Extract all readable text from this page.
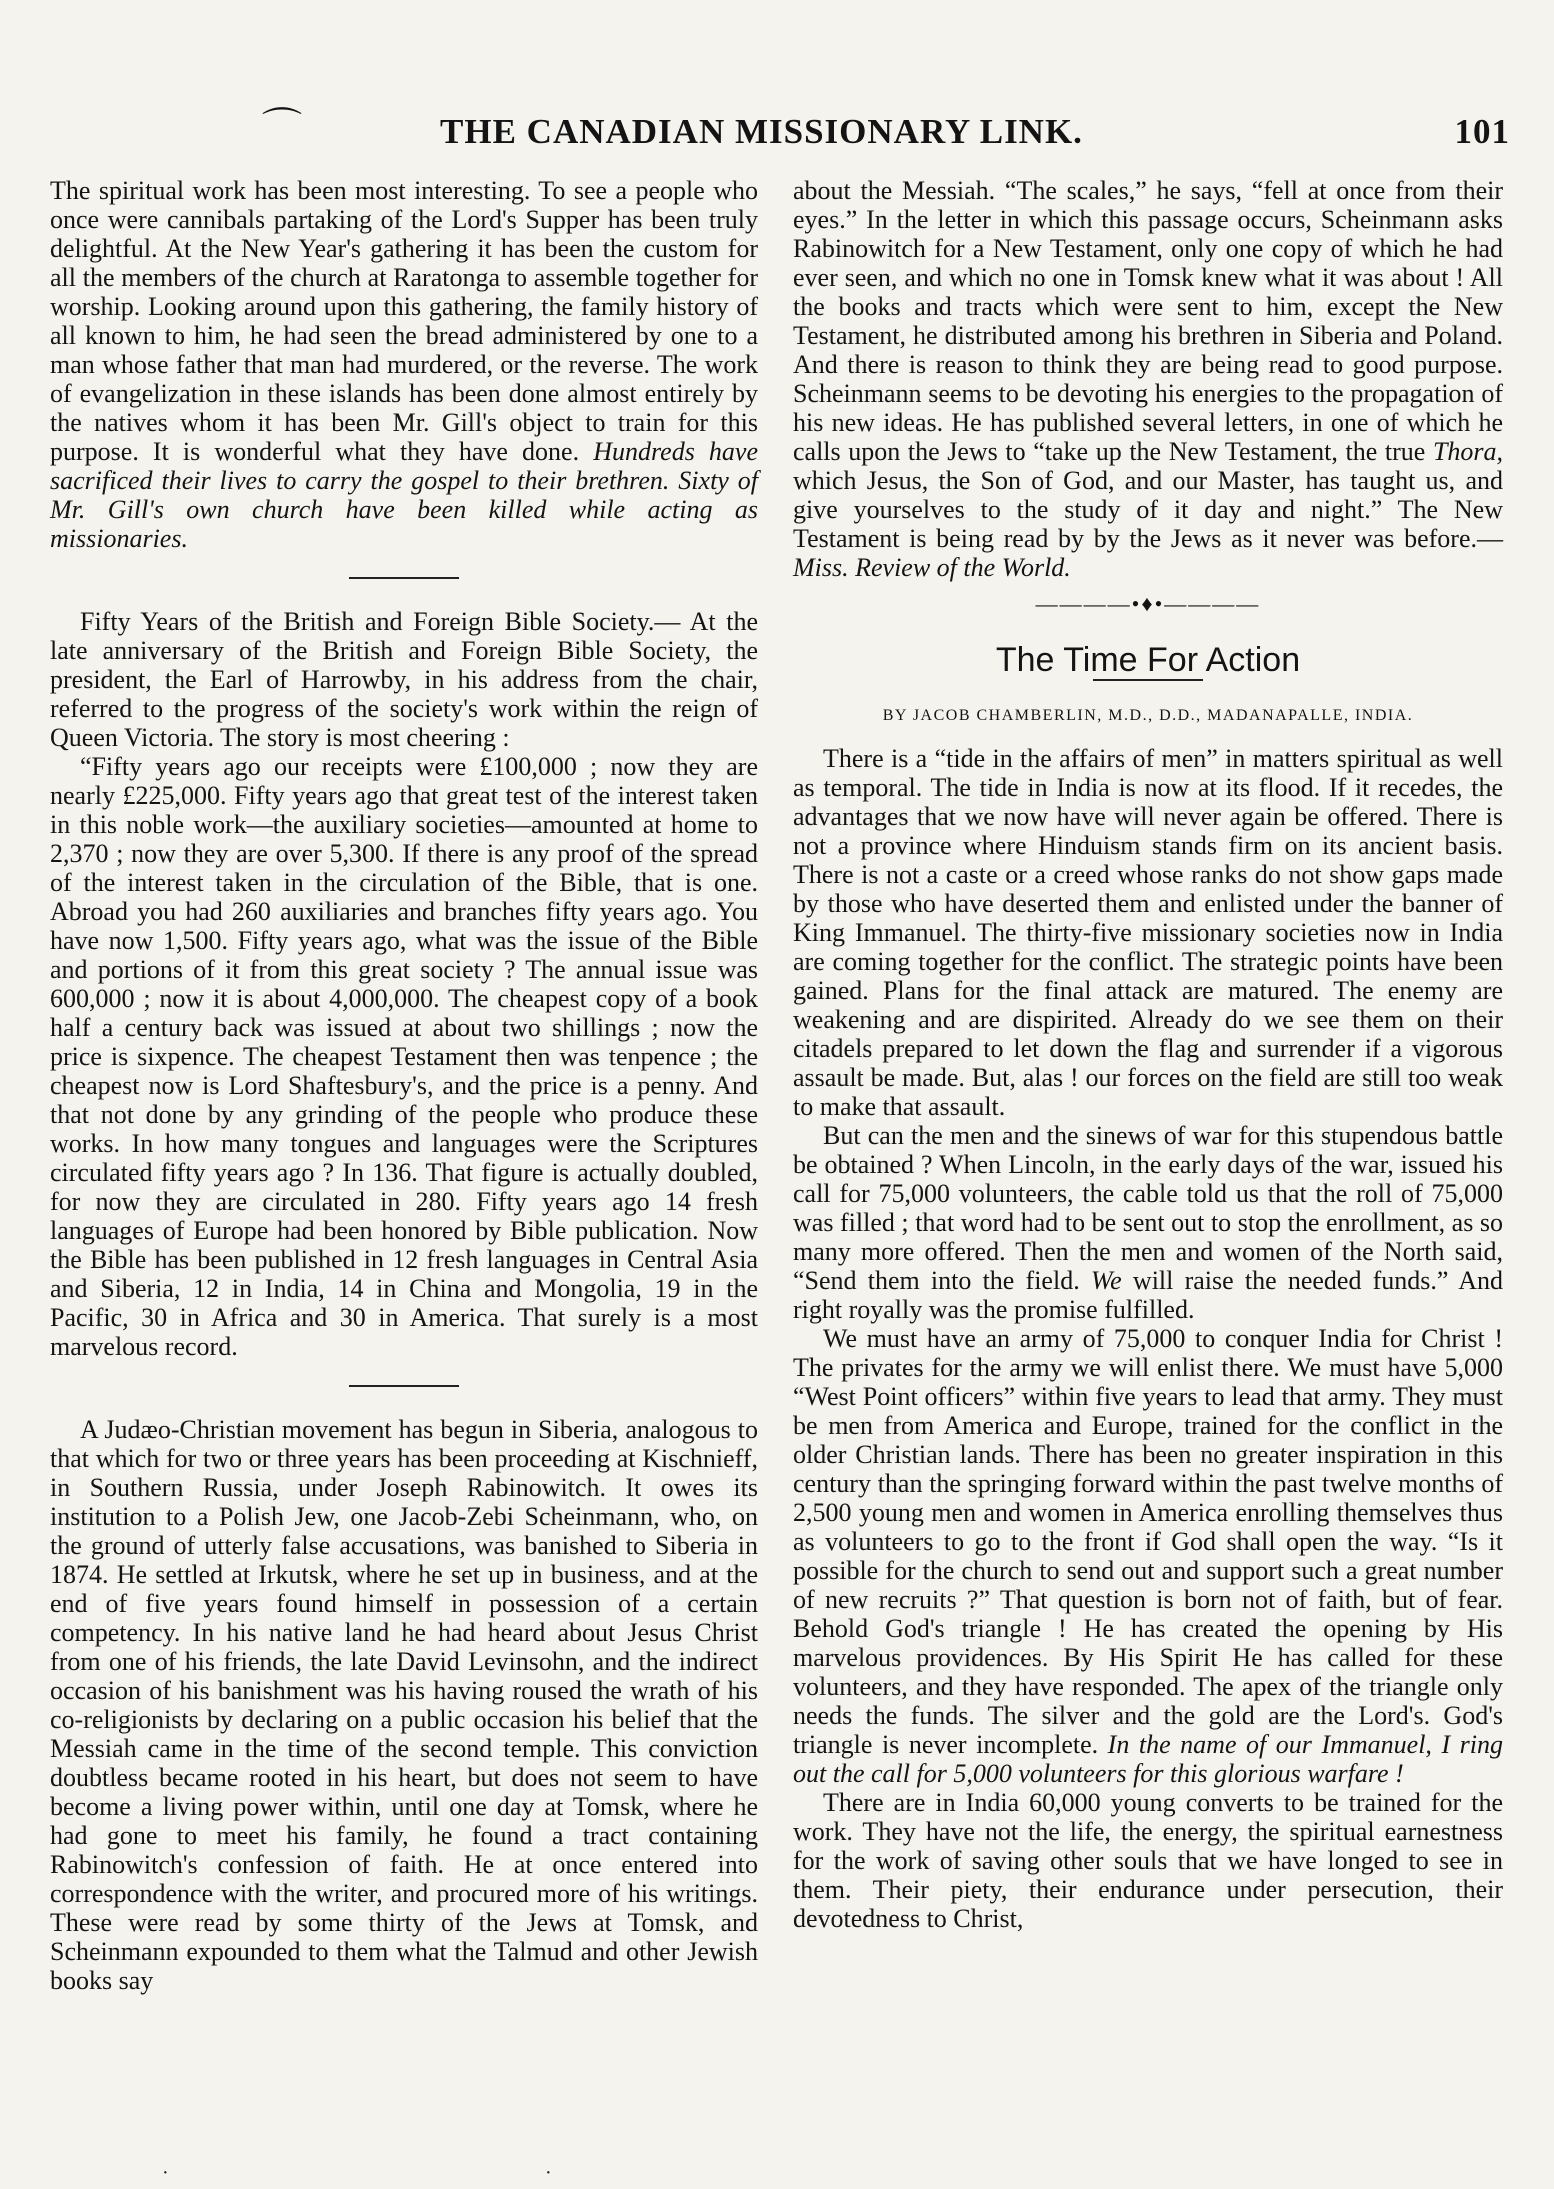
⌒	THE CANADIAN MISSIONARY LINK.	101

The spiritual work has been most interesting. To see a people who once were cannibals partaking of the Lord's Supper has been truly delightful. At the New Year's gathering it has been the custom for all the members of the church at Raratonga to assemble together for worship. Looking around upon this gathering, the family history of all known to him, he had seen the bread administered by one to a man whose father that man had murdered, or the reverse. The work of evangelization in these islands has been done almost entirely by the natives whom it has been Mr. Gill's object to train for this purpose. It is wonderful what they have done. Hundreds have sacrificed their lives to carry the gospel to their brethren. Sixty of Mr. Gill's own church have been killed while acting as missionaries.

Fifty Years of the British and Foreign Bible Society.— At the late anniversary of the British and Foreign Bible Society, the president, the Earl of Harrowby, in his address from the chair, referred to the progress of the society's work within the reign of Queen Victoria. The story is most cheering :

“Fifty years ago our receipts were £100,000 ; now they are nearly £225,000. Fifty years ago that great test of the interest taken in this noble work—the auxiliary societies—amounted at home to 2,370 ; now they are over 5,300. If there is any proof of the spread of the interest taken in the circulation of the Bible, that is one. Abroad you had 260 auxiliaries and branches fifty years ago. You have now 1,500. Fifty years ago, what was the issue of the Bible and portions of it from this great society ? The annual issue was 600,000 ; now it is about 4,000,000. The cheapest copy of a book half a century back was issued at about two shillings ; now the price is sixpence. The cheapest Testament then was tenpence ; the cheapest now is Lord Shaftesbury's, and the price is a penny. And that not done by any grinding of the people who produce these works. In how many tongues and languages were the Scriptures circulated fifty years ago ? In 136. That figure is actually doubled, for now they are circulated in 280. Fifty years ago 14 fresh languages of Europe had been honored by Bible publication. Now the Bible has been published in 12 fresh languages in Central Asia and Siberia, 12 in India, 14 in China and Mongolia, 19 in the Pacific, 30 in Africa and 30 in America. That surely is a most marvelous record.

A Judæo-Christian movement has begun in Siberia, analogous to that which for two or three years has been proceeding at Kischnieff, in Southern Russia, under Joseph Rabinowitch. It owes its institution to a Polish Jew, one Jacob-Zebi Scheinmann, who, on the ground of utterly false accusations, was banished to Siberia in 1874. He settled at Irkutsk, where he set up in business, and at the end of five years found himself in possession of a certain competency. In his native land he had heard about Jesus Christ from one of his friends, the late David Levinsohn, and the indirect occasion of his banishment was his having roused the wrath of his co-religionists by declaring on a public occasion his belief that the Messiah came in the time of the second temple. This conviction doubtless became rooted in his heart, but does not seem to have become a living power within, until one day at Tomsk, where he had gone to meet his family, he found a tract containing Rabinowitch's confession of faith. He at once entered into correspondence with the writer, and procured more of his writings. These were read by some thirty of the Jews at Tomsk, and Scheinmann expounded to them what the Talmud and other Jewish books say

about the Messiah. “The scales,” he says, “fell at once from their eyes.” In the letter in which this passage occurs, Scheinmann asks Rabinowitch for a New Testament, only one copy of which he had ever seen, and which no one in Tomsk knew what it was about ! All the books and tracts which were sent to him, except the New Testament, he distributed among his brethren in Siberia and Poland. And there is reason to think they are being read to good purpose. Scheinmann seems to be devoting his energies to the propagation of his new ideas. He has published several letters, in one of which he calls upon the Jews to “take up the New Testament, the true Thora, which Jesus, the Son of God, and our Master, has taught us, and give yourselves to the study of it day and night.” The New Testament is being read by by the Jews as it never was before.—Miss. Review of the World.

————•♦•————
The Time For Action
BY JACOB CHAMBERLIN, M.D., D.D., MADANAPALLE, INDIA.

There is a “tide in the affairs of men” in matters spiritual as well as temporal. The tide in India is now at its flood. If it recedes, the advantages that we now have will never again be offered. There is not a province where Hinduism stands firm on its ancient basis. There is not a caste or a creed whose ranks do not show gaps made by those who have deserted them and enlisted under the banner of King Immanuel. The thirty-five missionary societies now in India are coming together for the conflict. The strategic points have been gained. Plans for the final attack are matured. The enemy are weakening and are dispirited. Already do we see them on their citadels prepared to let down the flag and surrender if a vigorous assault be made. But, alas ! our forces on the field are still too weak to make that assault.

But can the men and the sinews of war for this stupendous battle be obtained ? When Lincoln, in the early days of the war, issued his call for 75,000 volunteers, the cable told us that the roll of 75,000 was filled ; that word had to be sent out to stop the enrollment, as so many more offered. Then the men and women of the North said, “Send them into the field. We will raise the needed funds.” And right royally was the promise fulfilled.

We must have an army of 75,000 to conquer India for Christ ! The privates for the army we will enlist there. We must have 5,000 “West Point officers” within five years to lead that army. They must be men from America and Europe, trained for the conflict in the older Christian lands. There has been no greater inspiration in this century than the springing forward within the past twelve months of 2,500 young men and women in America enrolling themselves thus as volunteers to go to the front if God shall open the way. “Is it possible for the church to send out and support such a great number of new recruits ?” That question is born not of faith, but of fear. Behold God's triangle ! He has created the opening by His marvelous providences. By His Spirit He has called for these volunteers, and they have responded. The apex of the triangle only needs the funds. The silver and the gold are the Lord's. God's triangle is never incomplete. In the name of our Immanuel, I ring out the call for 5,000 volunteers for this glorious warfare !

There are in India 60,000 young converts to be trained for the work. They have not the life, the energy, the spiritual earnestness for the work of saving other souls that we have longed to see in them. Their piety, their endurance under persecution, their devotedness to Christ,

·	·
